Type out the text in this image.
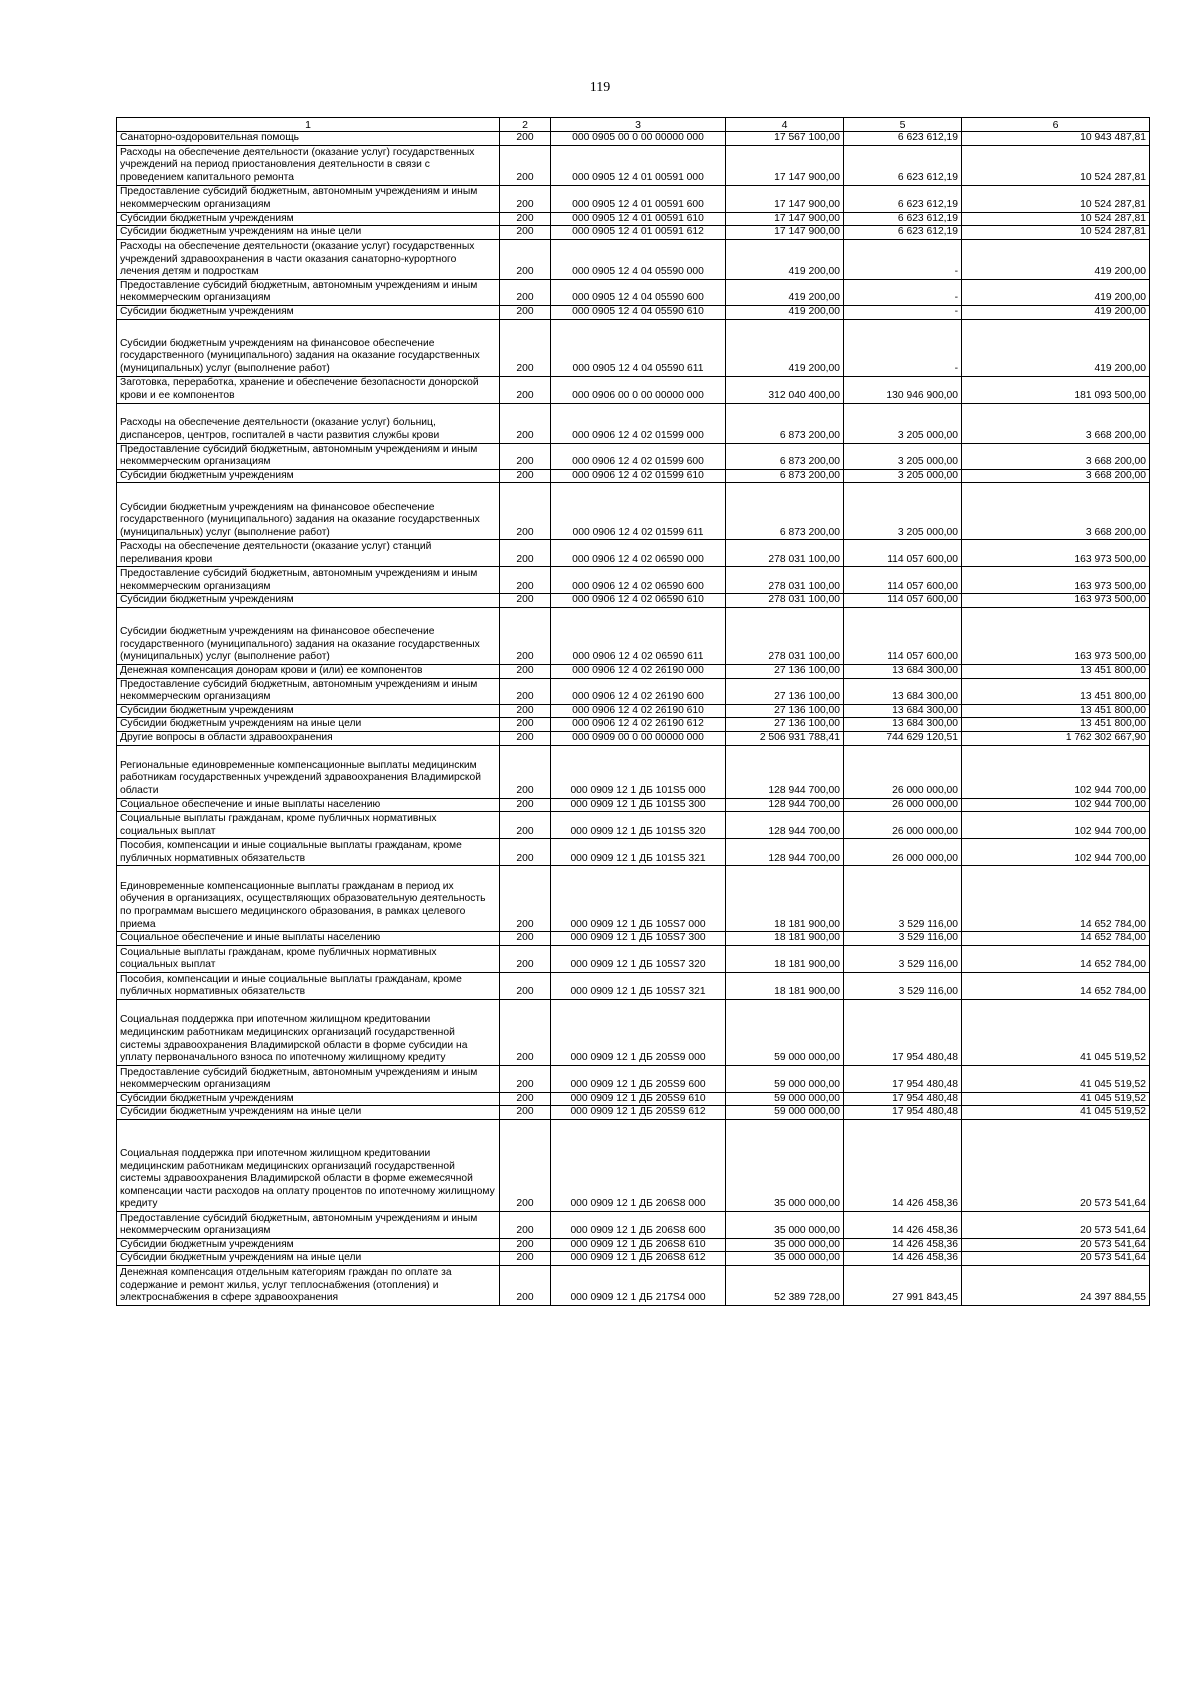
119
1	2	3	4	5	6
Санаторно-оздоровительная помощь	200	000 0905 00 0 00 00000 000	17 567 100,00	6 623 612,19	10 943 487,81
Расходы на обеспечение деятельности (оказание услуг) государственных учреждений на период приостановления деятельности в связи с проведением капитального ремонта	200	000 0905 12 4 01 00591 000	17 147 900,00	6 623 612,19	10 524 287,81
Предоставление субсидий бюджетным, автономным учреждениям и иным некоммерческим организациям	200	000 0905 12 4 01 00591 600	17 147 900,00	6 623 612,19	10 524 287,81
Субсидии бюджетным учреждениям	200	000 0905 12 4 01 00591 610	17 147 900,00	6 623 612,19	10 524 287,81
Субсидии бюджетным учреждениям на иные цели	200	000 0905 12 4 01 00591 612	17 147 900,00	6 623 612,19	10 524 287,81
Расходы на обеспечение деятельности (оказание услуг) государственных учреждений здравоохранения в части оказания санаторно-курортного лечения детям и подросткам	200	000 0905 12 4 04 05590 000	419 200,00	-	419 200,00
Предоставление субсидий бюджетным, автономным учреждениям и иным некоммерческим организациям	200	000 0905 12 4 04 05590 600	419 200,00	-	419 200,00
Субсидии бюджетным учреждениям	200	000 0905 12 4 04 05590 610	419 200,00	-	419 200,00
Субсидии бюджетным учреждениям на финансовое обеспечение государственного (муниципального) задания на оказание государственных (муниципальных) услуг (выполнение работ)	200	000 0905 12 4 04 05590 611	419 200,00	-	419 200,00
Заготовка, переработка, хранение и обеспечение безопасности донорской крови и ее компонентов	200	000 0906 00 0 00 00000 000	312 040 400,00	130 946 900,00	181 093 500,00
Расходы на обеспечение деятельности (оказание услуг) больниц, диспансеров, центров, госпиталей в части развития службы крови	200	000 0906 12 4 02 01599 000	6 873 200,00	3 205 000,00	3 668 200,00
Предоставление субсидий бюджетным, автономным учреждениям и иным некоммерческим организациям	200	000 0906 12 4 02 01599 600	6 873 200,00	3 205 000,00	3 668 200,00
Субсидии бюджетным учреждениям	200	000 0906 12 4 02 01599 610	6 873 200,00	3 205 000,00	3 668 200,00
Субсидии бюджетным учреждениям на финансовое обеспечение государственного (муниципального) задания на оказание государственных (муниципальных) услуг (выполнение работ)	200	000 0906 12 4 02 01599 611	6 873 200,00	3 205 000,00	3 668 200,00
Расходы на обеспечение деятельности (оказание услуг) станций переливания крови	200	000 0906 12 4 02 06590 000	278 031 100,00	114 057 600,00	163 973 500,00
Предоставление субсидий бюджетным, автономным учреждениям и иным некоммерческим организациям	200	000 0906 12 4 02 06590 600	278 031 100,00	114 057 600,00	163 973 500,00
Субсидии бюджетным учреждениям	200	000 0906 12 4 02 06590 610	278 031 100,00	114 057 600,00	163 973 500,00
Субсидии бюджетным учреждениям на финансовое обеспечение государственного (муниципального) задания на оказание государственных (муниципальных) услуг (выполнение работ)	200	000 0906 12 4 02 06590 611	278 031 100,00	114 057 600,00	163 973 500,00
Денежная компенсация донорам крови и (или) ее компонентов	200	000 0906 12 4 02 26190 000	27 136 100,00	13 684 300,00	13 451 800,00
Предоставление субсидий бюджетным, автономным учреждениям и иным некоммерческим организациям	200	000 0906 12 4 02 26190 600	27 136 100,00	13 684 300,00	13 451 800,00
Субсидии бюджетным учреждениям	200	000 0906 12 4 02 26190 610	27 136 100,00	13 684 300,00	13 451 800,00
Субсидии бюджетным учреждениям на иные цели	200	000 0906 12 4 02 26190 612	27 136 100,00	13 684 300,00	13 451 800,00
Другие вопросы в области здравоохранения	200	000 0909 00 0 00 00000 000	2 506 931 788,41	744 629 120,51	1 762 302 667,90
Региональные единовременные компенсационные выплаты медицинским работникам государственных учреждений здравоохранения Владимирской области	200	000 0909 12 1 ДБ 101S5 000	128 944 700,00	26 000 000,00	102 944 700,00
Социальное обеспечение и иные выплаты населению	200	000 0909 12 1 ДБ 101S5 300	128 944 700,00	26 000 000,00	102 944 700,00
Социальные выплаты гражданам, кроме публичных нормативных социальных выплат	200	000 0909 12 1 ДБ 101S5 320	128 944 700,00	26 000 000,00	102 944 700,00
Пособия, компенсации и иные социальные выплаты гражданам, кроме публичных нормативных обязательств	200	000 0909 12 1 ДБ 101S5 321	128 944 700,00	26 000 000,00	102 944 700,00
Единовременные компенсационные выплаты гражданам в период их обучения в организациях, осуществляющих образовательную деятельность по программам высшего медицинского образования, в рамках целевого приема	200	000 0909 12 1 ДБ 105S7 000	18 181 900,00	3 529 116,00	14 652 784,00
Социальное обеспечение и иные выплаты населению	200	000 0909 12 1 ДБ 105S7 300	18 181 900,00	3 529 116,00	14 652 784,00
Социальные выплаты гражданам, кроме публичных нормативных социальных выплат	200	000 0909 12 1 ДБ 105S7 320	18 181 900,00	3 529 116,00	14 652 784,00
Пособия, компенсации и иные социальные выплаты гражданам, кроме публичных нормативных обязательств	200	000 0909 12 1 ДБ 105S7 321	18 181 900,00	3 529 116,00	14 652 784,00
Социальная поддержка при ипотечном жилищном кредитовании медицинским работникам медицинских организаций государственной системы здравоохранения Владимирской области в форме субсидии на уплату первоначального взноса по ипотечному жилищному кредиту	200	000 0909 12 1 ДБ 205S9 000	59 000 000,00	17 954 480,48	41 045 519,52
Предоставление субсидий бюджетным, автономным учреждениям и иным некоммерческим организациям	200	000 0909 12 1 ДБ 205S9 600	59 000 000,00	17 954 480,48	41 045 519,52
Субсидии бюджетным учреждениям	200	000 0909 12 1 ДБ 205S9 610	59 000 000,00	17 954 480,48	41 045 519,52
Субсидии бюджетным учреждениям на иные цели	200	000 0909 12 1 ДБ 205S9 612	59 000 000,00	17 954 480,48	41 045 519,52
Социальная поддержка при ипотечном жилищном кредитовании медицинским работникам медицинских организаций государственной системы здравоохранения Владимирской области в форме ежемесячной компенсации части расходов на оплату процентов по ипотечному жилищному кредиту	200	000 0909 12 1 ДБ 206S8 000	35 000 000,00	14 426 458,36	20 573 541,64
Предоставление субсидий бюджетным, автономным учреждениям и иным некоммерческим организациям	200	000 0909 12 1 ДБ 206S8 600	35 000 000,00	14 426 458,36	20 573 541,64
Субсидии бюджетным учреждениям	200	000 0909 12 1 ДБ 206S8 610	35 000 000,00	14 426 458,36	20 573 541,64
Субсидии бюджетным учреждениям на иные цели	200	000 0909 12 1 ДБ 206S8 612	35 000 000,00	14 426 458,36	20 573 541,64
Денежная компенсация отдельным категориям граждан по оплате за содержание и ремонт жилья, услуг теплоснабжения (отопления) и электроснабжения в сфере здравоохранения	200	000 0909 12 1 ДБ 217S4 000	52 389 728,00	27 991 843,45	24 397 884,55
